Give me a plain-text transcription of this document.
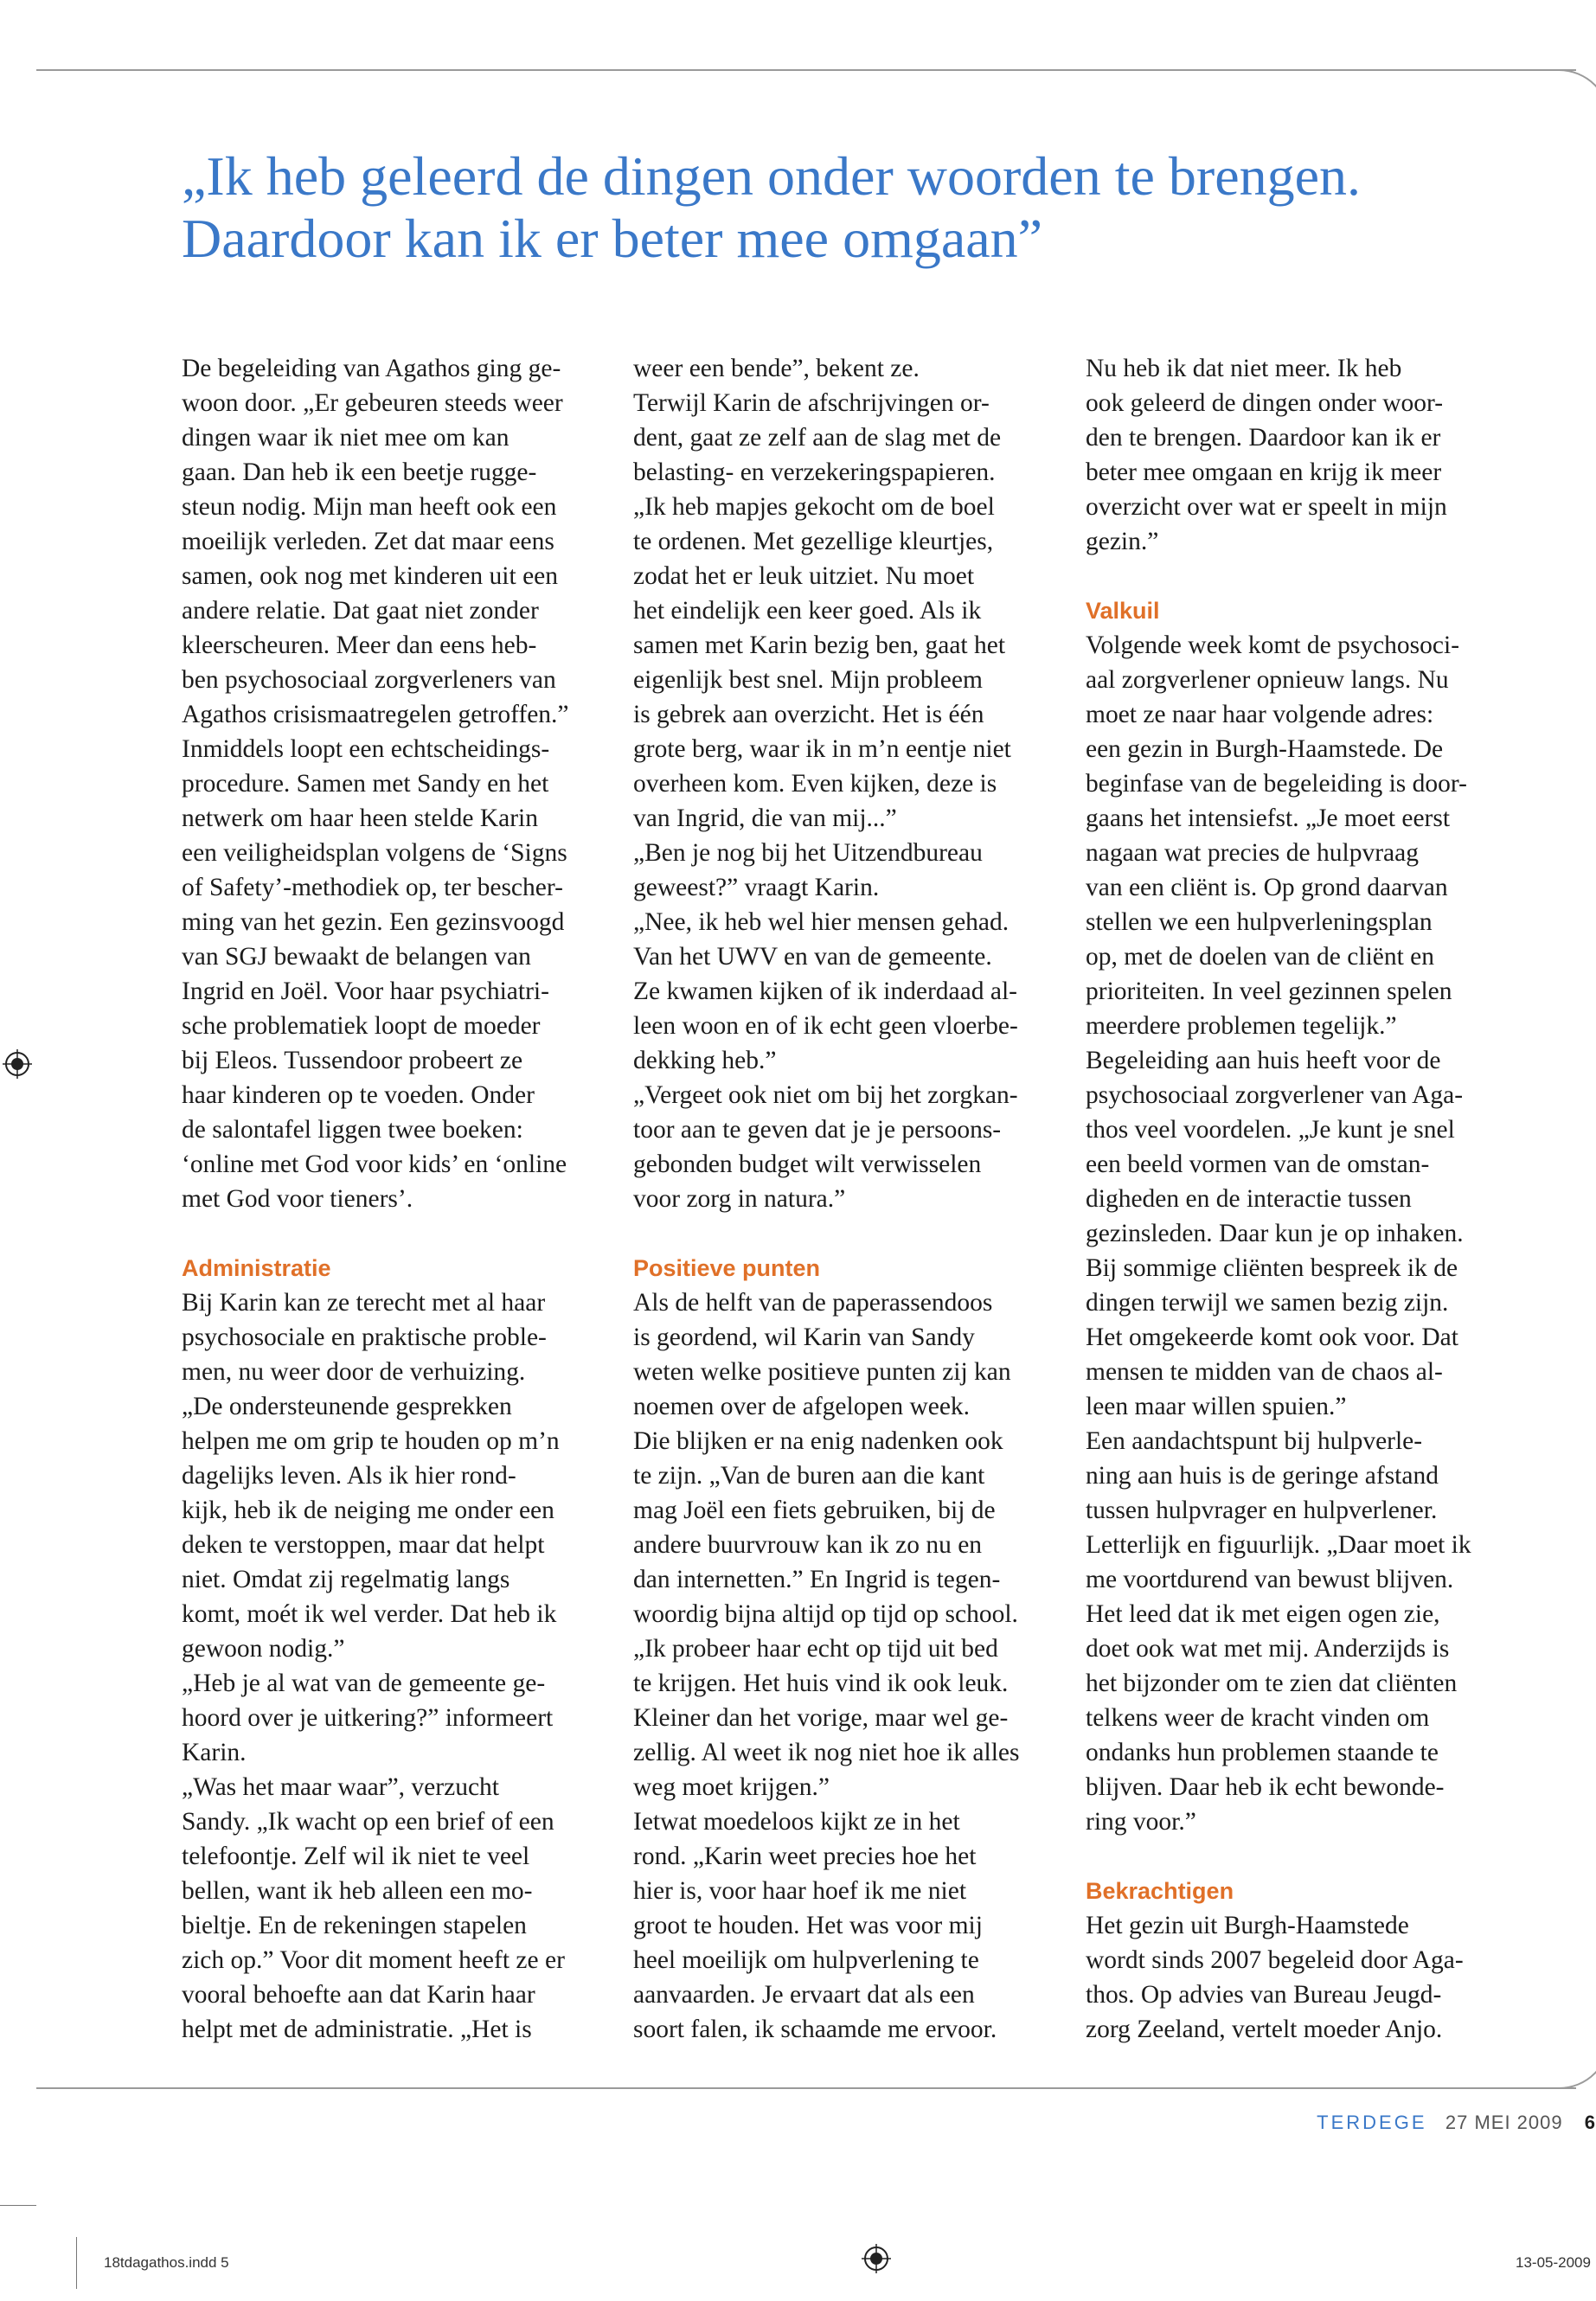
„Ik heb geleerd de dingen onder woorden te brengen.
Daardoor kan ik er beter mee omgaan”

De begeleiding van Agathos ging ge-
woon door. „Er gebeuren steeds weer
dingen waar ik niet mee om kan
gaan. Dan heb ik een beetje rugge-
steun nodig. Mijn man heeft ook een
moeilijk verleden. Zet dat maar eens
samen, ook nog met kinderen uit een
andere relatie. Dat gaat niet zonder
kleerscheuren. Meer dan eens heb-
ben psychosociaal zorgverleners van
Agathos crisismaatregelen getroffen.”
Inmiddels loopt een echtscheidings-
procedure. Samen met Sandy en het
netwerk om haar heen stelde Karin
een veiligheidsplan volgens de ‘Signs
of Safety’-methodiek op, ter bescher-
ming van het gezin. Een gezinsvoogd
van SGJ bewaakt de belangen van
Ingrid en Joël. Voor haar psychiatri-
sche problematiek loopt de moeder
bij Eleos. Tussendoor probeert ze
haar kinderen op te voeden. Onder
de salontafel liggen twee boeken:
‘online met God voor kids’ en ‘online
met God voor tieners’.

Administratie

Bij Karin kan ze terecht met al haar
psychosociale en praktische proble-
men, nu weer door de verhuizing.
„De ondersteunende gesprekken
helpen me om grip te houden op m’n
dagelijks leven. Als ik hier rond-
kijk, heb ik de neiging me onder een
deken te verstoppen, maar dat helpt
niet. Omdat zij regelmatig langs
komt, moét ik wel verder. Dat heb ik
gewoon nodig.”
„Heb je al wat van de gemeente ge-
hoord over je uitkering?” informeert
Karin.
„Was het maar waar”, verzucht
Sandy. „Ik wacht op een brief of een
telefoontje. Zelf wil ik niet te veel
bellen, want ik heb alleen een mo-
bieltje. En de rekeningen stapelen
zich op.” Voor dit moment heeft ze er
vooral behoefte aan dat Karin haar
helpt met de administratie. „Het is

weer een bende”, bekent ze.
Terwijl Karin de afschrijvingen or-
dent, gaat ze zelf aan de slag met de
belasting- en verzekeringspapieren.
„Ik heb mapjes gekocht om de boel
te ordenen. Met gezellige kleurtjes,
zodat het er leuk uitziet. Nu moet
het eindelijk een keer goed. Als ik
samen met Karin bezig ben, gaat het
eigenlijk best snel. Mijn probleem
is gebrek aan overzicht. Het is één
grote berg, waar ik in m’n eentje niet
overheen kom. Even kijken, deze is
van Ingrid, die van mij...”
„Ben je nog bij het Uitzendbureau
geweest?” vraagt Karin.
„Nee, ik heb wel hier mensen gehad.
Van het UWV en van de gemeente.
Ze kwamen kijken of ik inderdaad al-
leen woon en of ik echt geen vloerbe-
dekking heb.”
„Vergeet ook niet om bij het zorgkan-
toor aan te geven dat je je persoons-
gebonden budget wilt verwisselen
voor zorg in natura.”

Positieve punten

Als de helft van de paperassendoos
is geordend, wil Karin van Sandy
weten welke positieve punten zij kan
noemen over de afgelopen week.
Die blijken er na enig nadenken ook
te zijn. „Van de buren aan die kant
mag Joël een fiets gebruiken, bij de
andere buurvrouw kan ik zo nu en
dan internetten.” En Ingrid is tegen-
woordig bijna altijd op tijd op school.
„Ik probeer haar echt op tijd uit bed
te krijgen. Het huis vind ik ook leuk.
Kleiner dan het vorige, maar wel ge-
zellig. Al weet ik nog niet hoe ik alles
weg moet krijgen.”
Ietwat moedeloos kijkt ze in het
rond. „Karin weet precies hoe het
hier is, voor haar hoef ik me niet
groot te houden. Het was voor mij
heel moeilijk om hulpverlening te
aanvaarden. Je ervaart dat als een
soort falen, ik schaamde me ervoor.

Nu heb ik dat niet meer. Ik heb
ook geleerd de dingen onder woor-
den te brengen. Daardoor kan ik er
beter mee omgaan en krijg ik meer
overzicht over wat er speelt in mijn
gezin.”

Valkuil

Volgende week komt de psychosoci-
aal zorgverlener opnieuw langs. Nu
moet ze naar haar volgende adres:
een gezin in Burgh-Haamstede. De
beginfase van de begeleiding is door-
gaans het intensiefst. „Je moet eerst
nagaan wat precies de hulpvraag
van een cliënt is. Op grond daarvan
stellen we een hulpverleningsplan
op, met de doelen van de cliënt en
prioriteiten. In veel gezinnen spelen
meerdere problemen tegelijk.”
Begeleiding aan huis heeft voor de
psychosociaal zorgverlener van Aga-
thos veel voordelen. „Je kunt je snel
een beeld vormen van de omstan-
digheden en de interactie tussen
gezinsleden. Daar kun je op inhaken.
Bij sommige cliënten bespreek ik de
dingen terwijl we samen bezig zijn.
Het omgekeerde komt ook voor. Dat
mensen te midden van de chaos al-
leen maar willen spuien.”
Een aandachtspunt bij hulpverle-
ning aan huis is de geringe afstand
tussen hulpvrager en hulpverlener.
Letterlijk en figuurlijk. „Daar moet ik
me voortdurend van bewust blijven.
Het leed dat ik met eigen ogen zie,
doet ook wat met mij. Anderzijds is
het bijzonder om te zien dat cliënten
telkens weer de kracht vinden om
ondanks hun problemen staande te
blijven. Daar heb ik echt bewonde-
ring voor.”

Bekrachtigen

Het gezin uit Burgh-Haamstede
wordt sinds 2007 begeleid door Aga-
thos. Op advies van Bureau Jeugd-
zorg Zeeland, vertelt moeder Anjo.

TERDEGE 27 MEI 2009 6
18tdagathos.indd 5	13-05-2009
